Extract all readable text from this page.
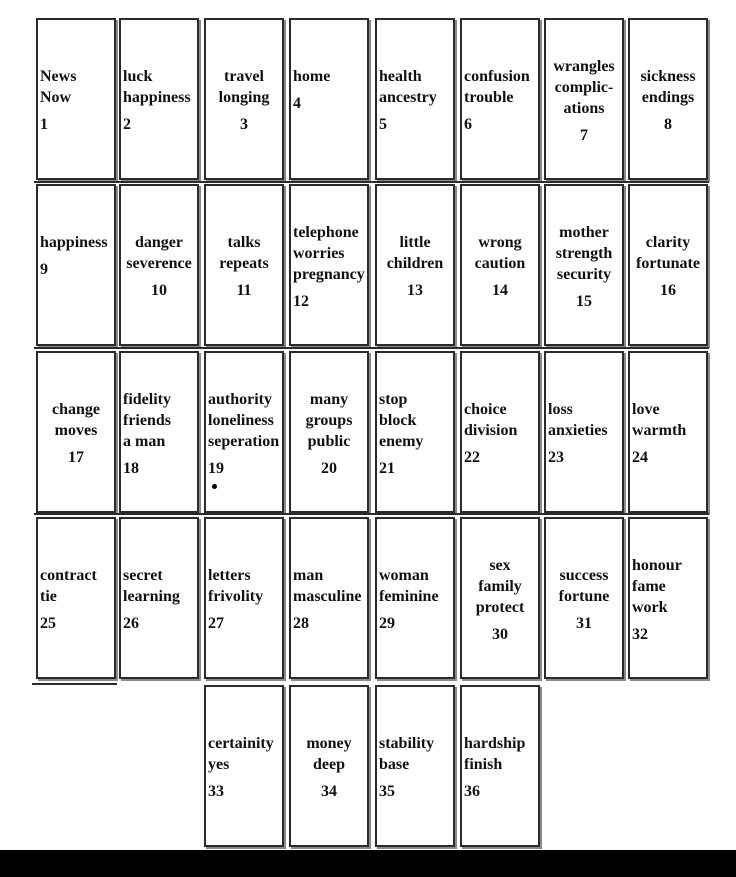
News
Now
1
luck
happiness
2
travel
longing
3
home
4
health
ancestry
5
confusion
trouble
6
wrangles
complic-
ations
7
sickness
endings
8
happiness
9
danger
severence
10
talks
repeats
11
telephone
worries
pregnancy
12
little
children
13
wrong
caution
14
mother
strength
security
15
clarity
fortunate
16
change
moves
17
fidelity
friends
a man
18
authority
loneliness
seperation
19
many
groups
public
20
stop
block
enemy
21
choice
division
22
loss
anxieties
23
love
warmth
24
contract
tie
25
secret
learning
26
letters
frivolity
27
man
masculine
28
woman
feminine
29
sex
family
protect
30
success
fortune
31
honour
fame
work
32
certainity
yes
33
money
deep
34
stability
base
35
hardship
finish
36
